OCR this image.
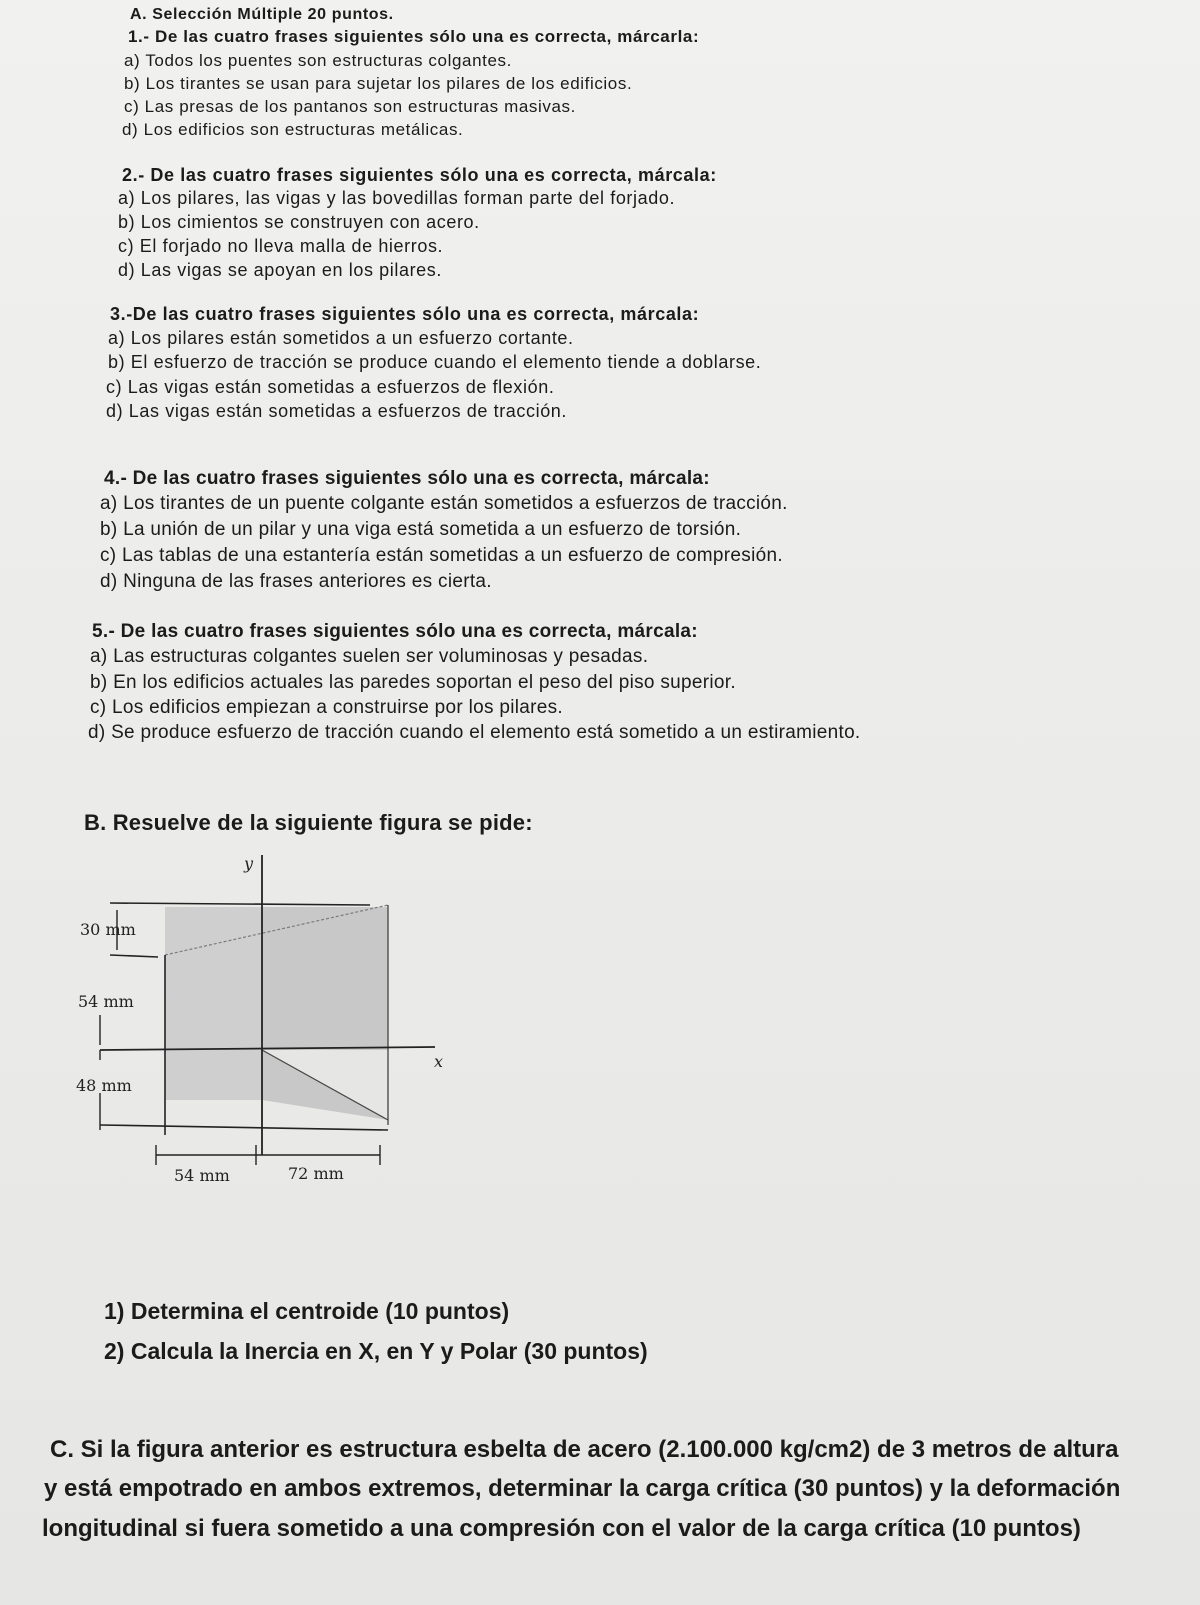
A. Selección Múltiple 20 puntos.
1.- De las cuatro frases siguientes sólo una es correcta, márcarla:
a) Todos los puentes son estructuras colgantes.
b) Los tirantes se usan para sujetar los pilares de los edificios.
c) Las presas de los pantanos son estructuras masivas.
d) Los edificios son estructuras metálicas.
2.- De las cuatro frases siguientes sólo una es correcta, márcala:
a) Los pilares, las vigas y las bovedillas forman parte del forjado.
b) Los cimientos se construyen con acero.
c) El forjado no lleva malla de hierros.
d) Las vigas se apoyan en los pilares.
3.-De las cuatro frases siguientes sólo una es correcta, márcala:
a) Los pilares están sometidos a un esfuerzo cortante.
b) El esfuerzo de tracción se produce cuando el elemento tiende a doblarse.
c) Las vigas están sometidas a esfuerzos de flexión.
d) Las vigas están sometidas a esfuerzos de tracción.
4.- De las cuatro frases siguientes sólo una es correcta, márcala:
a) Los tirantes de un puente colgante están sometidos a esfuerzos de tracción.
b) La unión de un pilar y una viga está sometida a un esfuerzo de torsión.
c) Las tablas de una estantería están sometidas a un esfuerzo de compresión.
d) Ninguna de las frases anteriores es cierta.
5.- De las cuatro frases siguientes sólo una es correcta, márcala:
a) Las estructuras colgantes suelen ser voluminosas y pesadas.
b) En los edificios actuales las paredes soportan el peso del piso superior.
c) Los edificios empiezan a construirse por los pilares.
d) Se produce esfuerzo de tracción cuando el elemento está sometido a un estiramiento.
B. Resuelve de la siguiente figura se pide:
y
x
30 mm
54 mm
48 mm
54 mm	72 mm
1) Determina el centroide (10 puntos)
2) Calcula la Inercia en X, en Y y Polar (30 puntos)
C. Si la figura anterior es estructura esbelta de acero (2.100.000 kg/cm2) de 3 metros de altura
y está empotrado en ambos extremos, determinar la carga crítica (30 puntos) y la deformación
longitudinal si fuera sometido a una compresión con el valor de la carga crítica (10 puntos)
